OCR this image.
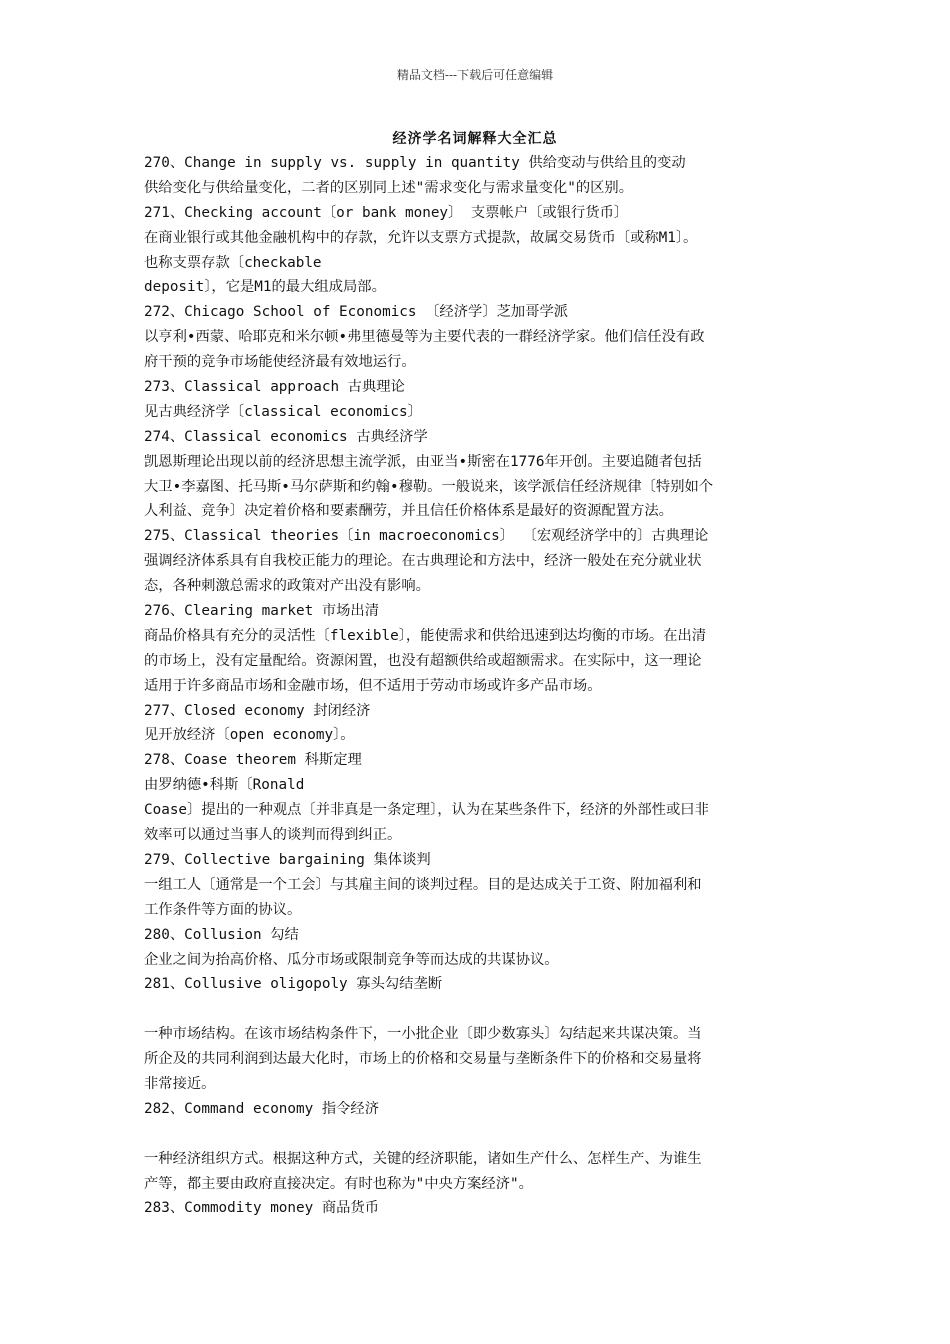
精品文档---下载后可任意编辑
经济学名词解释大全汇总
270、Change in supply vs. supply in quantity 供给变动与供给且的变动
供给变化与供给量变化，二者的区别同上述"需求变化与需求量变化"的区别。
271、Checking account〔or bank money〕 支票帐户〔或银行货币〕
在商业银行或其他金融机构中的存款，允许以支票方式提款，故属交易货币〔或称M1〕。
也称支票存款〔checkable
deposit〕，它是M1的最大组成局部。
272、Chicago School of Economics 〔经济学〕芝加哥学派
以亨利•西蒙、哈耶克和米尔顿•弗里德曼等为主要代表的一群经济学家。他们信任没有政
府干预的竞争市场能使经济最有效地运行。
273、Classical approach 古典理论
见古典经济学〔classical economics〕
274、Classical economics 古典经济学
凯恩斯理论出现以前的经济思想主流学派，由亚当•斯密在1776年开创。主要追随者包括
大卫•李嘉图、托马斯•马尔萨斯和约翰•穆勒。一般说来，该学派信任经济规律〔特别如个
人利益、竞争〕决定着价格和要素酬劳，并且信任价格体系是最好的资源配置方法。
275、Classical theories〔in macroeconomics〕 〔宏观经济学中的〕古典理论
强调经济体系具有自我校正能力的理论。在古典理论和方法中，经济一般处在充分就业状
态，各种刺激总需求的政策对产出没有影响。
276、Clearing market 市场出清
商品价格具有充分的灵活性〔flexible〕，能使需求和供给迅速到达均衡的市场。在出清
的市场上，没有定量配给。资源闲置，也没有超额供给或超额需求。在实际中，这一理论
适用于许多商品市场和金融市场，但不适用于劳动市场或许多产品市场。
277、Closed economy 封闭经济
见开放经济〔open economy〕。
278、Coase theorem 科斯定理
由罗纳德•科斯〔Ronald
Coase〕提出的一种观点〔并非真是一条定理〕，认为在某些条件下，经济的外部性或曰非
效率可以通过当事人的谈判而得到纠正。
279、Collective bargaining 集体谈判
一组工人〔通常是一个工会〕与其雇主间的谈判过程。目的是达成关于工资、附加福利和
工作条件等方面的协议。
280、Collusion 勾结
企业之间为抬高价格、瓜分市场或限制竞争等而达成的共谋协议。
281、Collusive oligopoly 寡头勾结垄断
一种市场结构。在该市场结构条件下，一小批企业〔即少数寡头〕勾结起来共谋决策。当
所企及的共同利润到达最大化时，市场上的价格和交易量与垄断条件下的价格和交易量将
非常接近。
282、Command economy 指令经济
一种经济组织方式。根据这种方式，关键的经济职能，诸如生产什么、怎样生产、为谁生
产等，都主要由政府直接决定。有时也称为"中央方案经济"。
283、Commodity money 商品货币
